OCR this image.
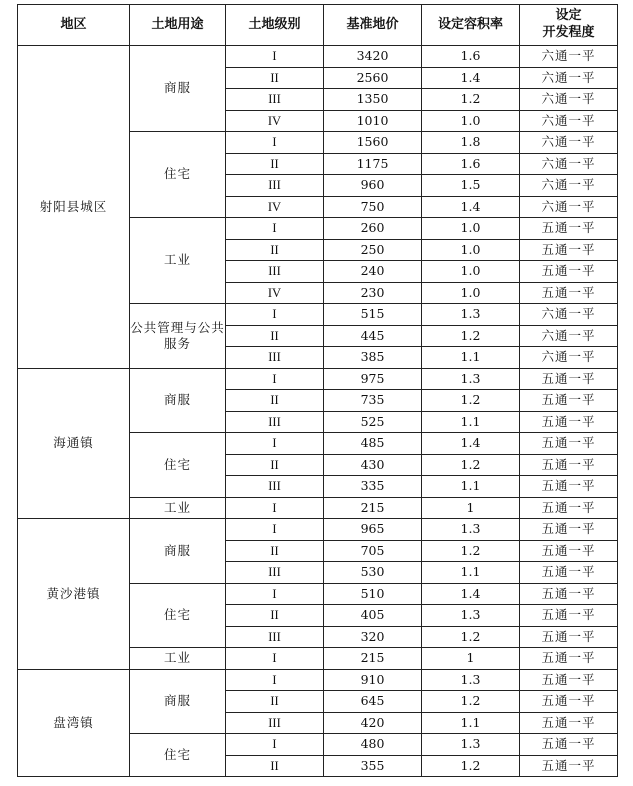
地区	土地用途	土地级别	基准地价	设定容积率	设定
开发程度

射阳县城区	商服	I	3420	1.6	六通一平
		II	2560	1.4	六通一平
		III	1350	1.2	六通一平
		IV	1010	1.0	六通一平
	住宅	I	1560	1.8	六通一平
		II	1175	1.6	六通一平
		III	960	1.5	六通一平
		IV	750	1.4	六通一平
	工业	I	260	1.0	五通一平
		II	250	1.0	五通一平
		III	240	1.0	五通一平
		IV	230	1.0	五通一平
	公共管理与公共服务	I	515	1.3	六通一平
		II	445	1.2	六通一平
		III	385	1.1	六通一平
海通镇	商服	I	975	1.3	五通一平
		II	735	1.2	五通一平
		III	525	1.1	五通一平
	住宅	I	485	1.4	五通一平
		II	430	1.2	五通一平
		III	335	1.1	五通一平
	工业	I	215	1	五通一平
黄沙港镇	商服	I	965	1.3	五通一平
		II	705	1.2	五通一平
		III	530	1.1	五通一平
	住宅	I	510	1.4	五通一平
		II	405	1.3	五通一平
		III	320	1.2	五通一平
	工业	I	215	1	五通一平
盘湾镇	商服	I	910	1.3	五通一平
		II	645	1.2	五通一平
		III	420	1.1	五通一平
	住宅	I	480	1.3	五通一平
		II	355	1.2	五通一平
